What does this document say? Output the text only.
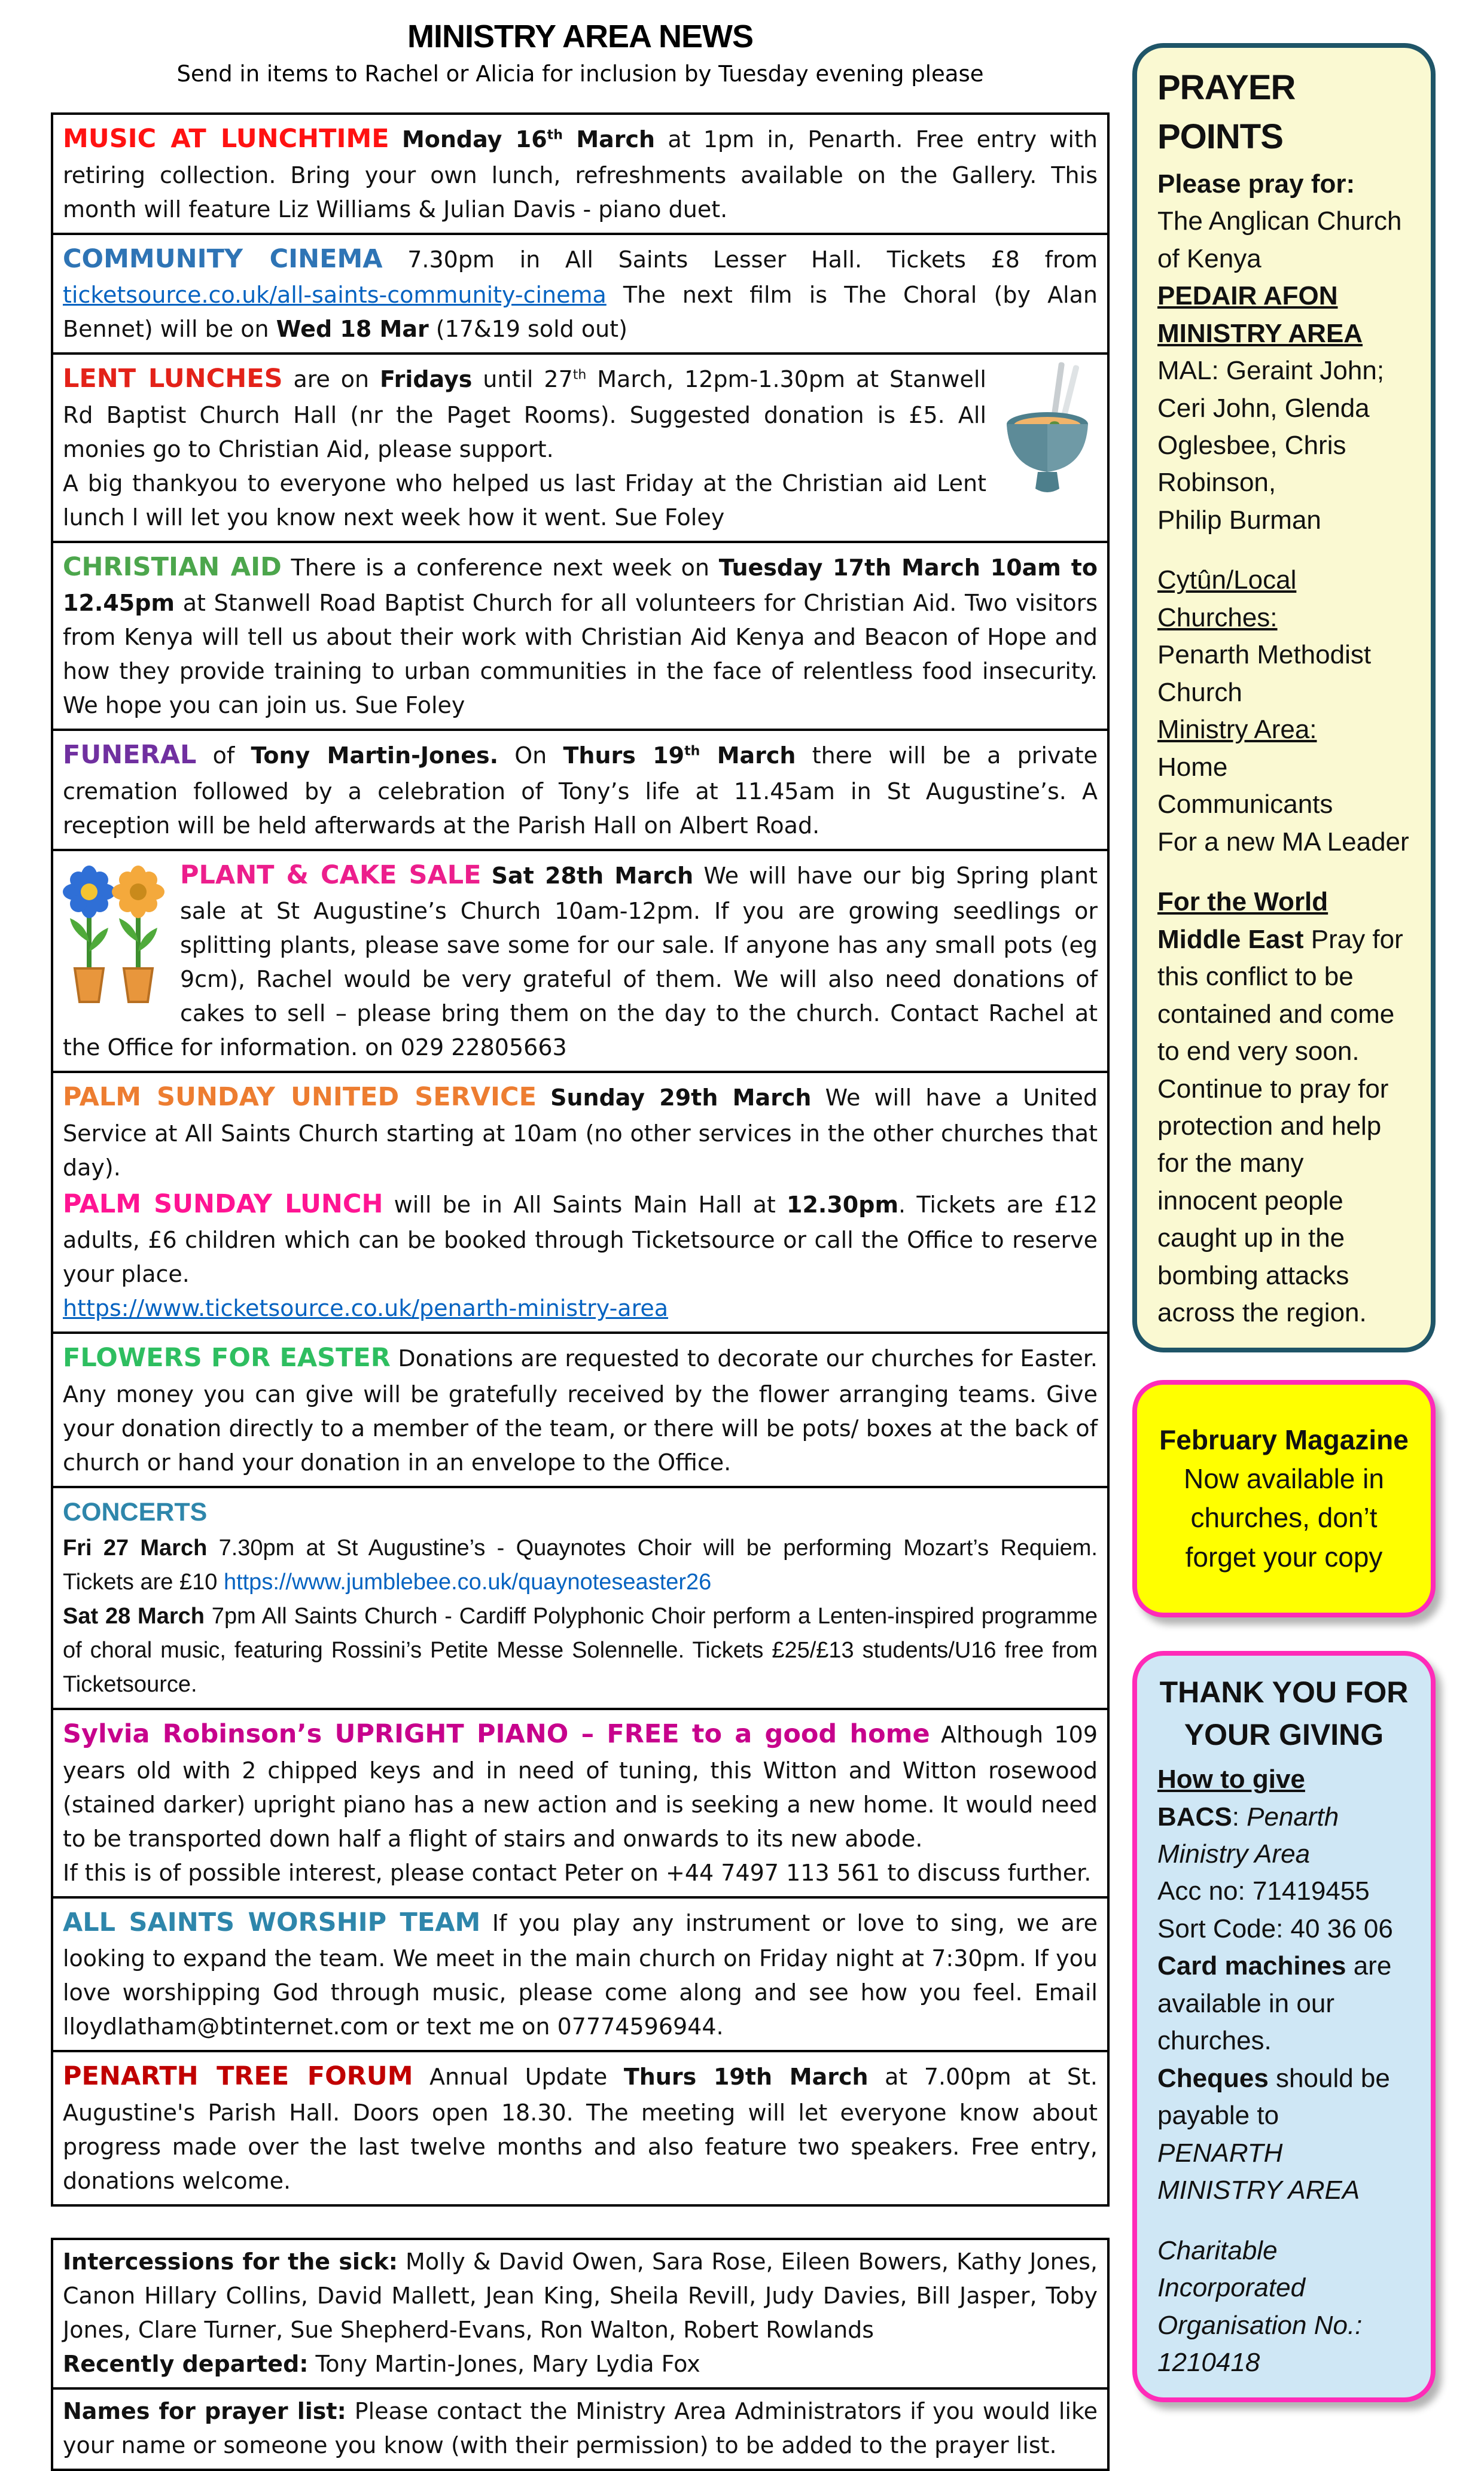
MINISTRY AREA NEWS
Send in items to Rachel or Alicia for inclusion by Tuesday evening please

MUSIC AT LUNCHTIME Monday 16th March at 1pm in, Penarth. Free entry with retiring collection. Bring your own lunch, refreshments available on the Gallery. This month will feature Liz Williams & Julian Davis - piano duet.

COMMUNITY CINEMA 7.30pm in All Saints Lesser Hall. Tickets £8 from ticketsource.co.uk/all-saints-community-cinema The next film is The Choral (by Alan Bennet) will be on Wed 18 Mar (17&19 sold out)

LENT LUNCHES are on Fridays until 27th March, 12pm-1.30pm at Stanwell Rd Baptist Church Hall (nr the Paget Rooms). Suggested donation is £5. All monies go to Christian Aid, please support.

A big thankyou to everyone who helped us last Friday at the Christian aid Lent lunch l will let you know next week how it went. Sue Foley

CHRISTIAN AID There is a conference next week on Tuesday 17th March 10am to 12.45pm at Stanwell Road Baptist Church for all volunteers for Christian Aid. Two visitors from Kenya will tell us about their work with Christian Aid Kenya and Beacon of Hope and how they provide training to urban communities in the face of relentless food insecurity. We hope you can join us. Sue Foley

FUNERAL of Tony Martin-Jones. On Thurs 19th March there will be a private cremation followed by a celebration of Tony’s life at 11.45am in St Augustine’s. A reception will be held afterwards at the Parish Hall on Albert Road.

PLANT & CAKE SALE Sat 28th March We will have our big Spring plant sale at St Augustine’s Church 10am-12pm. If you are growing seedlings or splitting plants, please save some for our sale. If anyone has any small pots (eg 9cm), Rachel would be very grateful of them. We will also need donations of cakes to sell – please bring them on the day to the church. Contact Rachel at the Office for information. on 029 22805663

PALM SUNDAY UNITED SERVICE Sunday 29th March We will have a United Service at All Saints Church starting at 10am (no other services in the other churches that day).

PALM SUNDAY LUNCH will be in All Saints Main Hall at 12.30pm. Tickets are £12 adults, £6 children which can be booked through Ticketsource or call the Office to reserve your place.

https://www.ticketsource.co.uk/penarth-ministry-area

FLOWERS FOR EASTER Donations are requested to decorate our churches for Easter. Any money you can give will be gratefully received by the flower arranging teams. Give your donation directly to a member of the team, or there will be pots/ boxes at the back of church or hand your donation in an envelope to the Office.

CONCERTS

Fri 27 March 7.30pm at St Augustine’s - Quaynotes Choir will be performing Mozart’s Requiem. Tickets are £10 https://www.jumblebee.co.uk/quaynoteseaster26

Sat 28 March 7pm All Saints Church - Cardiff Polyphonic Choir perform a Lenten-inspired programme of choral music, featuring Rossini’s Petite Messe Solennelle. Tickets £25/£13 students/U16 free from Ticketsource.

Sylvia Robinson’s UPRIGHT PIANO – FREE to a good home Although 109 years old with 2 chipped keys and in need of tuning, this Witton and Witton rosewood (stained darker) upright piano has a new action and is seeking a new home. It would need to be transported down half a flight of stairs and onwards to its new abode.

If this is of possible interest, please contact Peter on +44 7497 113 561 to discuss further.

ALL SAINTS WORSHIP TEAM If you play any instrument or love to sing, we are looking to expand the team. We meet in the main church on Friday night at 7:30pm. If you love worshipping God through music, please come along and see how you feel. Email lloydlatham@btinternet.com or text me on 07774596944.

PENARTH TREE FORUM Annual Update Thurs 19th March at 7.00pm at St. Augustine's Parish Hall. Doors open 18.30. The meeting will let everyone know about progress made over the last twelve months and also feature two speakers. Free entry, donations welcome.

Intercessions for the sick: Molly & David Owen, Sara Rose, Eileen Bowers, Kathy Jones, Canon Hillary Collins, David Mallett, Jean King, Sheila Revill, Judy Davies, Bill Jasper, Toby Jones, Clare Turner, Sue Shepherd-Evans, Ron Walton, Robert Rowlands

Recently departed: Tony Martin-Jones, Mary Lydia Fox

Names for prayer list: Please contact the Ministry Area Administrators if you would like your name or someone you know (with their permission) to be added to the prayer list.

PRAYER POINTS

Please pray for:

The Anglican Church of Kenya

PEDAIR AFON MINISTRY AREA

MAL: Geraint John; Ceri John, Glenda Oglesbee, Chris Robinson,

Philip Burman

Cytûn/Local Churches:

Penarth Methodist Church

Ministry Area:

Home Communicants

For a new MA Leader

For the World

Middle East Pray for this conflict to be contained and come to end very soon. Continue to pray for protection and help for the many innocent people caught up in the bombing attacks across the region.

February Magazine

Now available in churches, don’t forget your copy

THANK YOU FOR YOUR GIVING

How to give

BACS: Penarth Ministry Area

Acc no: 71419455

Sort Code: 40 36 06

Card machines are available in our churches.

Cheques should be payable to PENARTH MINISTRY AREA

Charitable Incorporated Organisation No.: 1210418
